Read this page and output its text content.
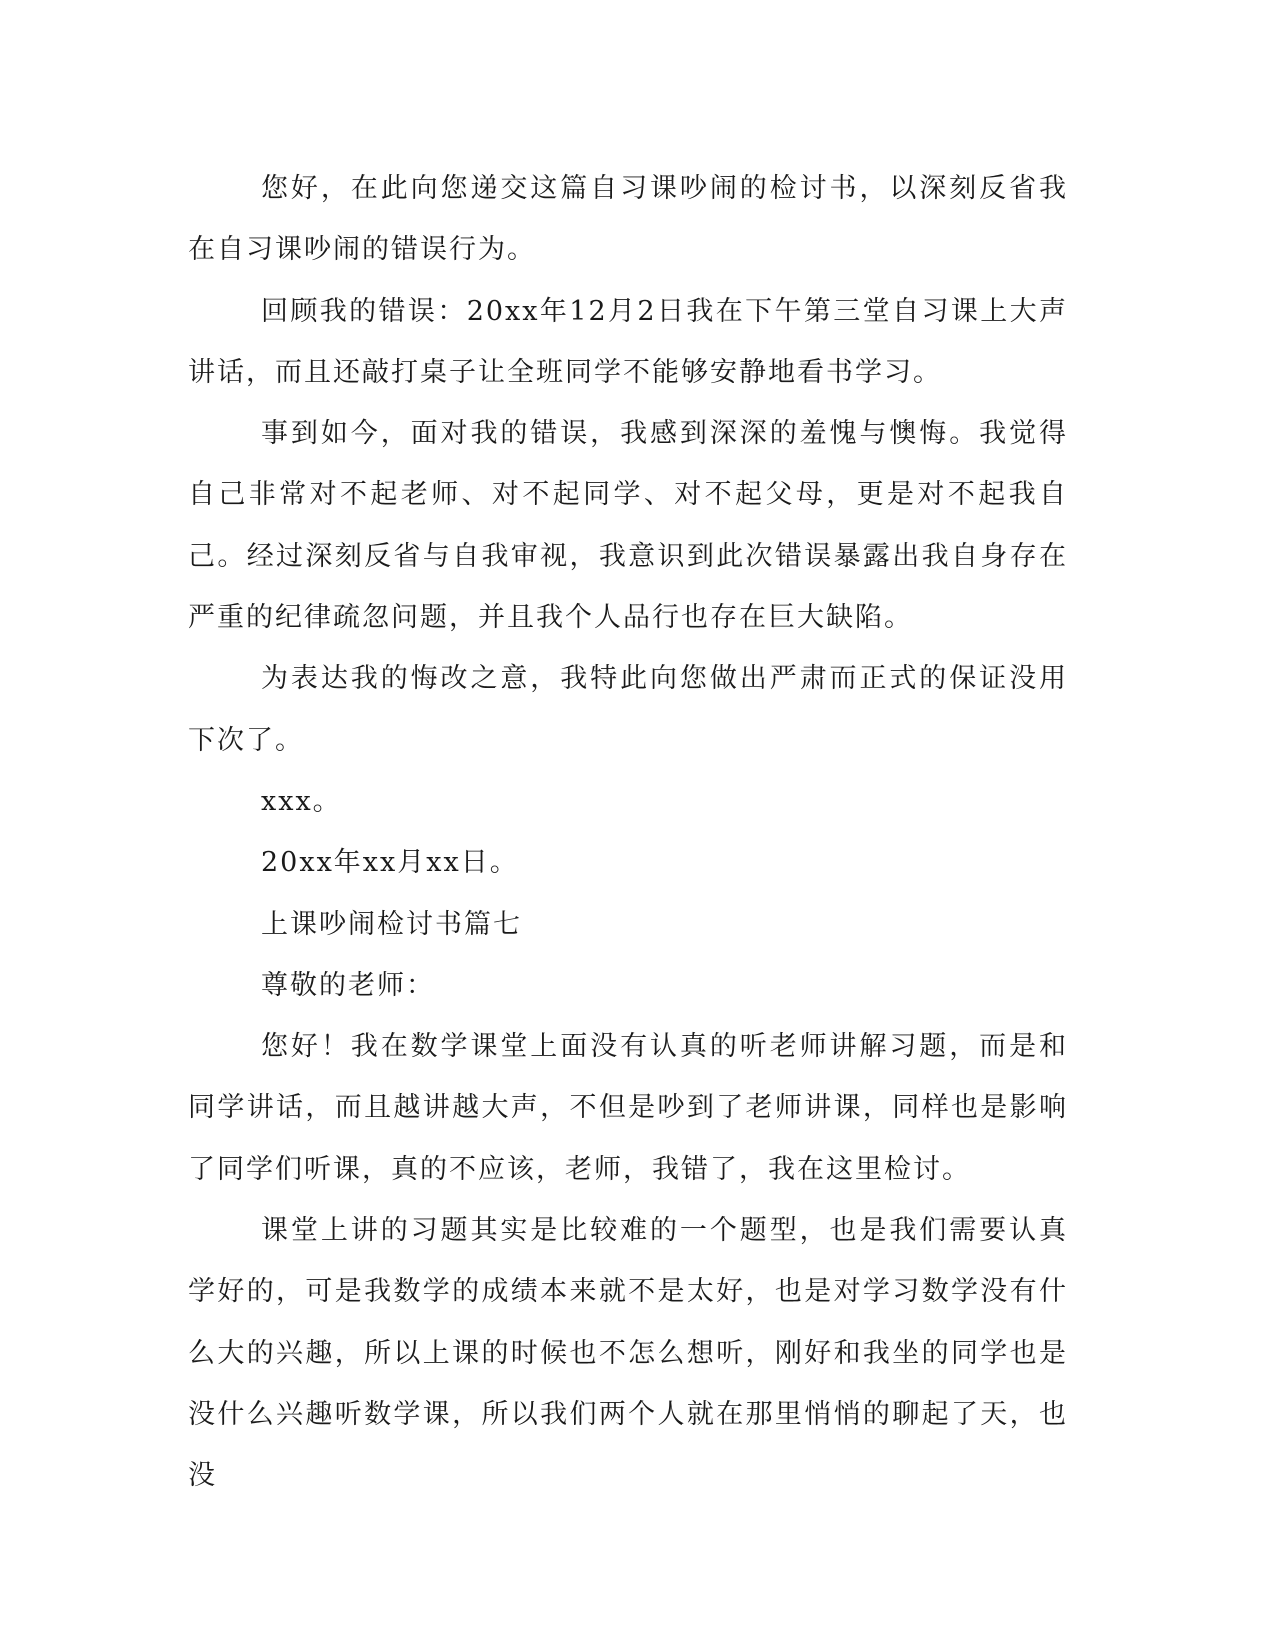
您好，在此向您递交这篇自习课吵闹的检讨书，以深刻反省我在自习课吵闹的错误行为。

回顾我的错误：20xx年12月2日我在下午第三堂自习课上大声讲话，而且还敲打桌子让全班同学不能够安静地看书学习。

事到如今，面对我的错误，我感到深深的羞愧与懊悔。我觉得自己非常对不起老师、对不起同学、对不起父母，更是对不起我自己。经过深刻反省与自我审视，我意识到此次错误暴露出我自身存在严重的纪律疏忽问题，并且我个人品行也存在巨大缺陷。

为表达我的悔改之意，我特此向您做出严肃而正式的保证没用下次了。

xxx。

20xx年xx月xx日。

上课吵闹检讨书篇七

尊敬的老师：

您好！我在数学课堂上面没有认真的听老师讲解习题，而是和同学讲话，而且越讲越大声，不但是吵到了老师讲课，同样也是影响了同学们听课，真的不应该，老师，我错了，我在这里检讨。

课堂上讲的习题其实是比较难的一个题型，也是我们需要认真学好的，可是我数学的成绩本来就不是太好，也是对学习数学没有什么大的兴趣，所以上课的时候也不怎么想听，刚好和我坐的同学也是没什么兴趣听数学课，所以我们两个人就在那里悄悄的聊起了天，也没
